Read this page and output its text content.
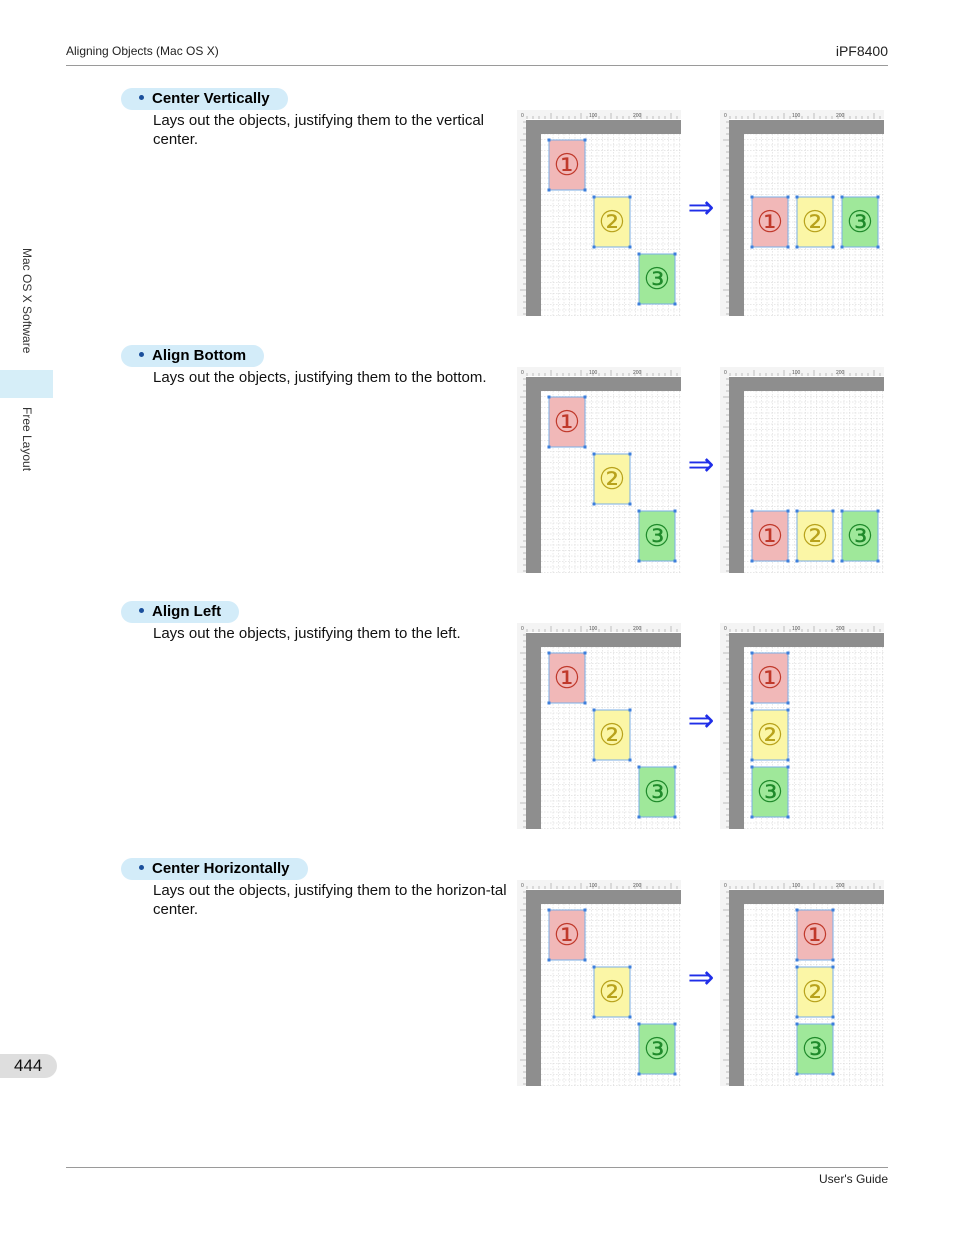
Aligning Objects (Mac OS X)	iPF8400
Mac OS X Software
Free Layout
444
Center Vertically
Lays out the objects, justifying them to the vertical center.
0	100	200
①
②
③
⇒
0	100	200
① ② ③
Align Bottom
Lays out the objects, justifying them to the bottom.	0	100	200
①
②
③
⇒
0	100	200
① ② ③
Align Left
Lays out the objects, justifying them to the left.	0	100	200
①
②
③
⇒
0	100	200
①
②
③
Center Horizontally
Lays out the objects, justifying them to the horizon-tal center.
0	100	200
①
②
③
⇒
0	100	200
①
②
③
User's Guide
